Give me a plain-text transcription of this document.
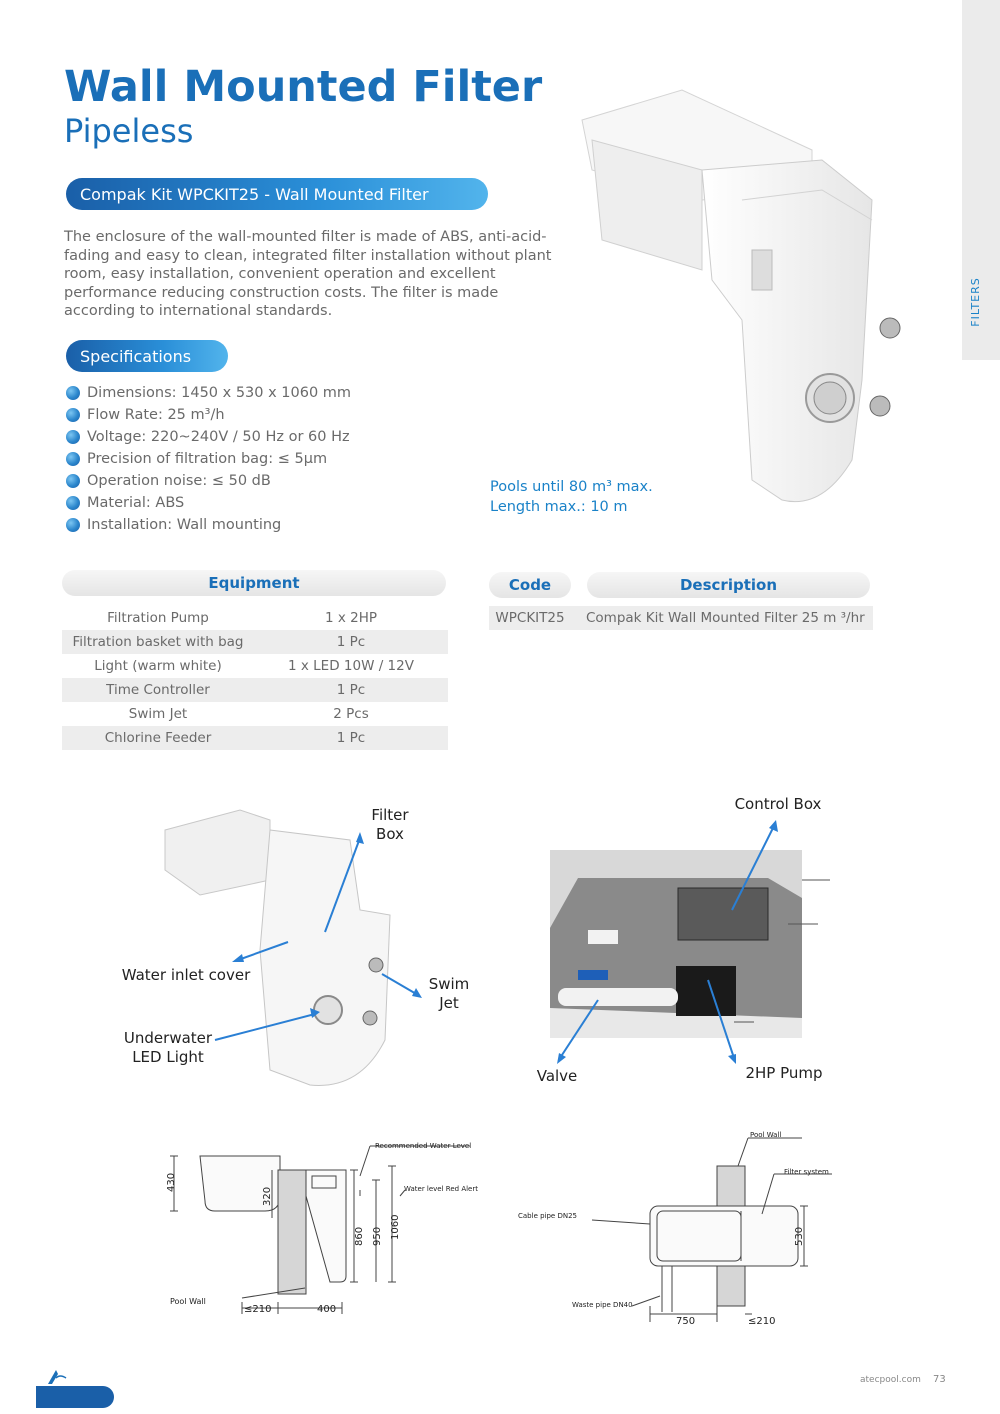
FILTERS
Wall Mounted Filter
Pipeless
Compak Kit WPCKIT25 - Wall Mounted Filter
The enclosure of the wall-mounted filter is made of ABS, anti-acid-fading and easy to clean, integrated filter installation without plant room, easy installation, convenient operation and excellent performance reducing construction costs. The filter is made according to international standards.
Specifications
Dimensions: 1450 x 530 x 1060 mm
Flow Rate: 25 m³/h
Voltage: 220~240V / 50 Hz or 60 Hz
Precision of filtration bag: ≤ 5μm
Operation noise: ≤ 50 dB
Material: ABS
Installation: Wall mounting
Pools until 80 m³ max.
Length max.: 10 m
Equipment
Filtration Pump	1 x 2HP
Filtration basket with bag	1 Pc
Light (warm white)	1 x LED 10W / 12V
Time Controller	1 Pc
Swim Jet	2 Pcs
Chlorine Feeder	1 Pc
Code	Description
WPCKIT25	Compak Kit Wall Mounted Filter 25 m ³/hr
Filter
Box
Water inlet cover	Swim
Jet
Underwater
LED Light
Control Box
Valve	2HP Pump
Recommended Water Level
Water level Red Alert
Pool Wall
430
320
860 950 1060
≤210	400
Pool Wall
Filter system
Cable pipe DN25
Waste pipe DN40
530
750	≤210
atecpool.com 73
